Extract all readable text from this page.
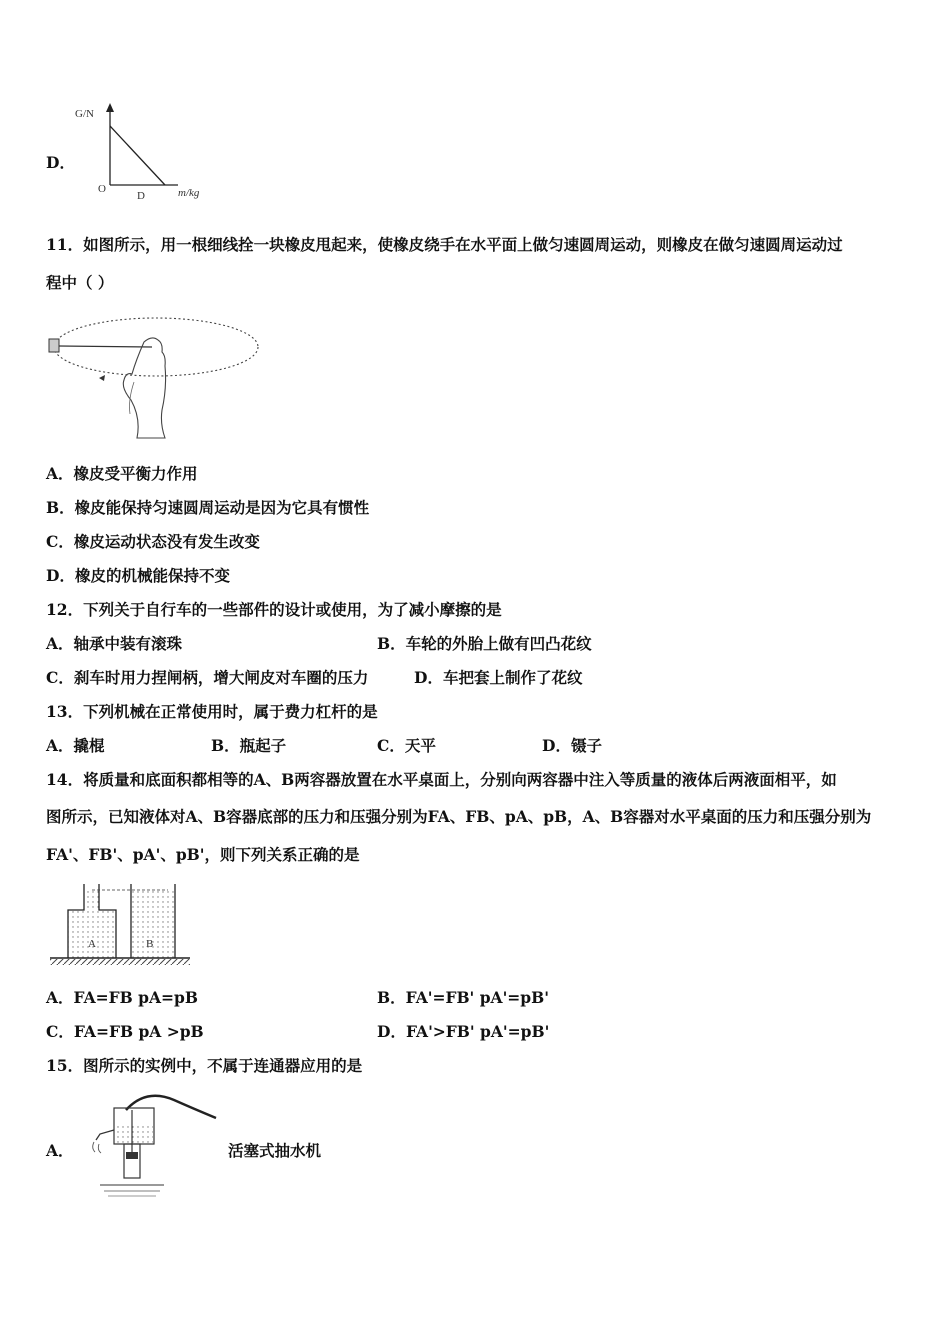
D．
G/N
O
D	m/kg
11．如图所示，用一根细线拴一块橡皮甩起来，使橡皮绕手在水平面上做匀速圆周运动，则橡皮在做匀速圆周运动过
程中（ ）
A．橡皮受平衡力作用
B．橡皮能保持匀速圆周运动是因为它具有惯性
C．橡皮运动状态没有发生改变
D．橡皮的机械能保持不变
12．下列关于自行车的一些部件的设计或使用，为了减小摩擦的是
A．轴承中装有滚珠	B．车轮的外胎上做有凹凸花纹
C．刹车时用力捏闸柄，增大闸皮对车圈的压力	D．车把套上制作了花纹
13．下列机械在正常使用时，属于费力杠杆的是
A．撬棍	B．瓶起子	C．天平	D．镊子
14．将质量和底面积都相等的A、B两容器放置在水平桌面上，分别向两容器中注入等质量的液体后两液面相平，如
图所示，已知液体对A、B容器底部的压力和压强分别为FA、FB、pA、pB，A、B容器对水平桌面的压力和压强分别为
FA'、FB'、pA'、pB'，则下列关系正确的是
A	B
A．FA=FB pA=pB	B．FA'=FB' pA'=pB'
C．FA=FB pA >pB	D．FA'>FB' pA'=pB'
15．图所示的实例中，不属于连通器应用的是
A．	活塞式抽水机
